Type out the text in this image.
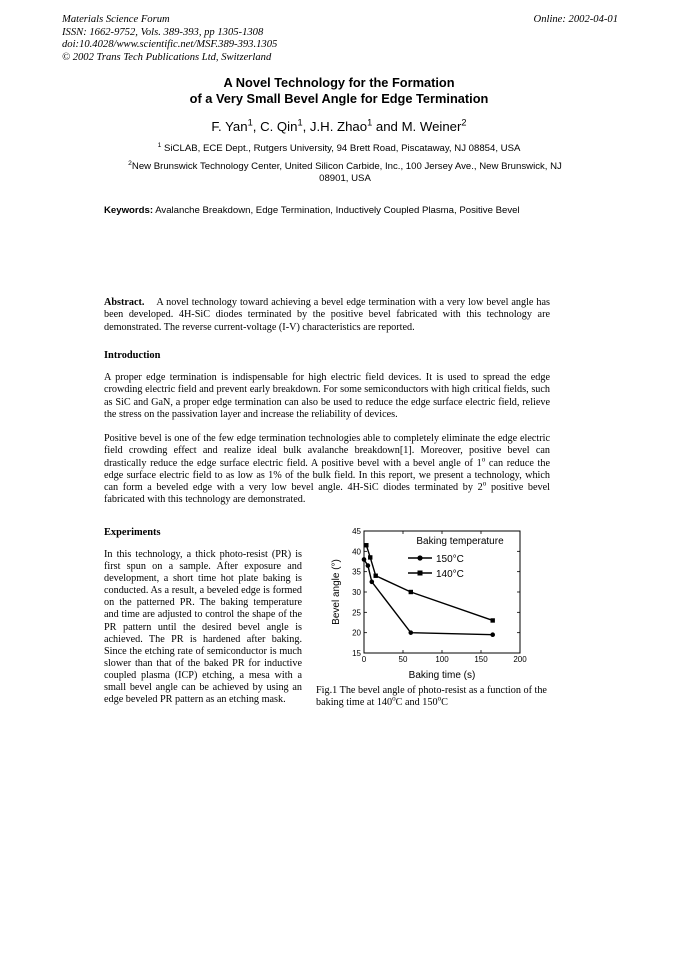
Materials Science Forum
ISSN: 1662-9752, Vols. 389-393, pp 1305-1308
doi:10.4028/www.scientific.net/MSF.389-393.1305
© 2002 Trans Tech Publications Ltd, Switzerland
Online: 2002-04-01
A Novel Technology for the Formation
of a Very Small Bevel Angle for Edge Termination
F. Yan$^1$, C. Qin$^1$, J.H. Zhao$^1$ and M. Weiner$^2$
$^1$ SiCLAB, ECE Dept., Rutgers University, 94 Brett Road, Piscataway, NJ 08854, USA
$^2$New Brunswick Technology Center, United Silicon Carbide, Inc., 100 Jersey Ave., New Brunswick, NJ 08901, USA
Keywords: Avalanche Breakdown, Edge Termination, Inductively Coupled Plasma, Positive Bevel
Abstract. A novel technology toward achieving a bevel edge termination with a very low bevel angle has been developed. 4H-SiC diodes terminated by the positive bevel fabricated with this technology are demonstrated. The reverse current-voltage (I-V) characteristics are reported.
Introduction
A proper edge termination is indispensable for high electric field devices. It is used to spread the edge crowding electric field and prevent early breakdown. For some semiconductors with high critical fields, such as SiC and GaN, a proper edge termination can also be used to reduce the edge surface electric field, relieve the stress on the passivation layer and increase the reliability of devices.
Positive bevel is one of the few edge termination technologies able to completely eliminate the edge electric field crowding effect and realize ideal bulk avalanche breakdown[1]. Moreover, positive bevel can drastically reduce the edge surface electric field. A positive bevel with a bevel angle of 1$^o$ can reduce the edge surface electric field to as low as 1% of the bulk field. In this report, we present a technology, which can form a beveled edge with a very low bevel angle. 4H-SiC diodes terminated by 2$^o$ positive bevel fabricated with this technology are demonstrated.
Experiments
In this technology, a thick photo-resist (PR) is first spun on a sample. After exposure and development, a short time hot plate baking is conducted. As a result, a beveled edge is formed on the patterned PR. The baking temperature and time are adjusted to control the shape of the PR pattern until the desired bevel angle is achieved. The PR is hardened after baking. Since the etching rate of semiconductor is much slower than that of the baked PR for inductive coupled plasma (ICP) etching, a mesa with a small bevel angle can be achieved by using an edge beveled PR pattern as an etching mask.
15
20
25
30
35
40
45
0	50	100	150	200
Baking time (s)
Bevel angle (°)
Baking temperature
150°C
140°C
Fig.1 The bevel angle of photo-resist as a function of the baking time at 140$^o$C and 150$^o$C
